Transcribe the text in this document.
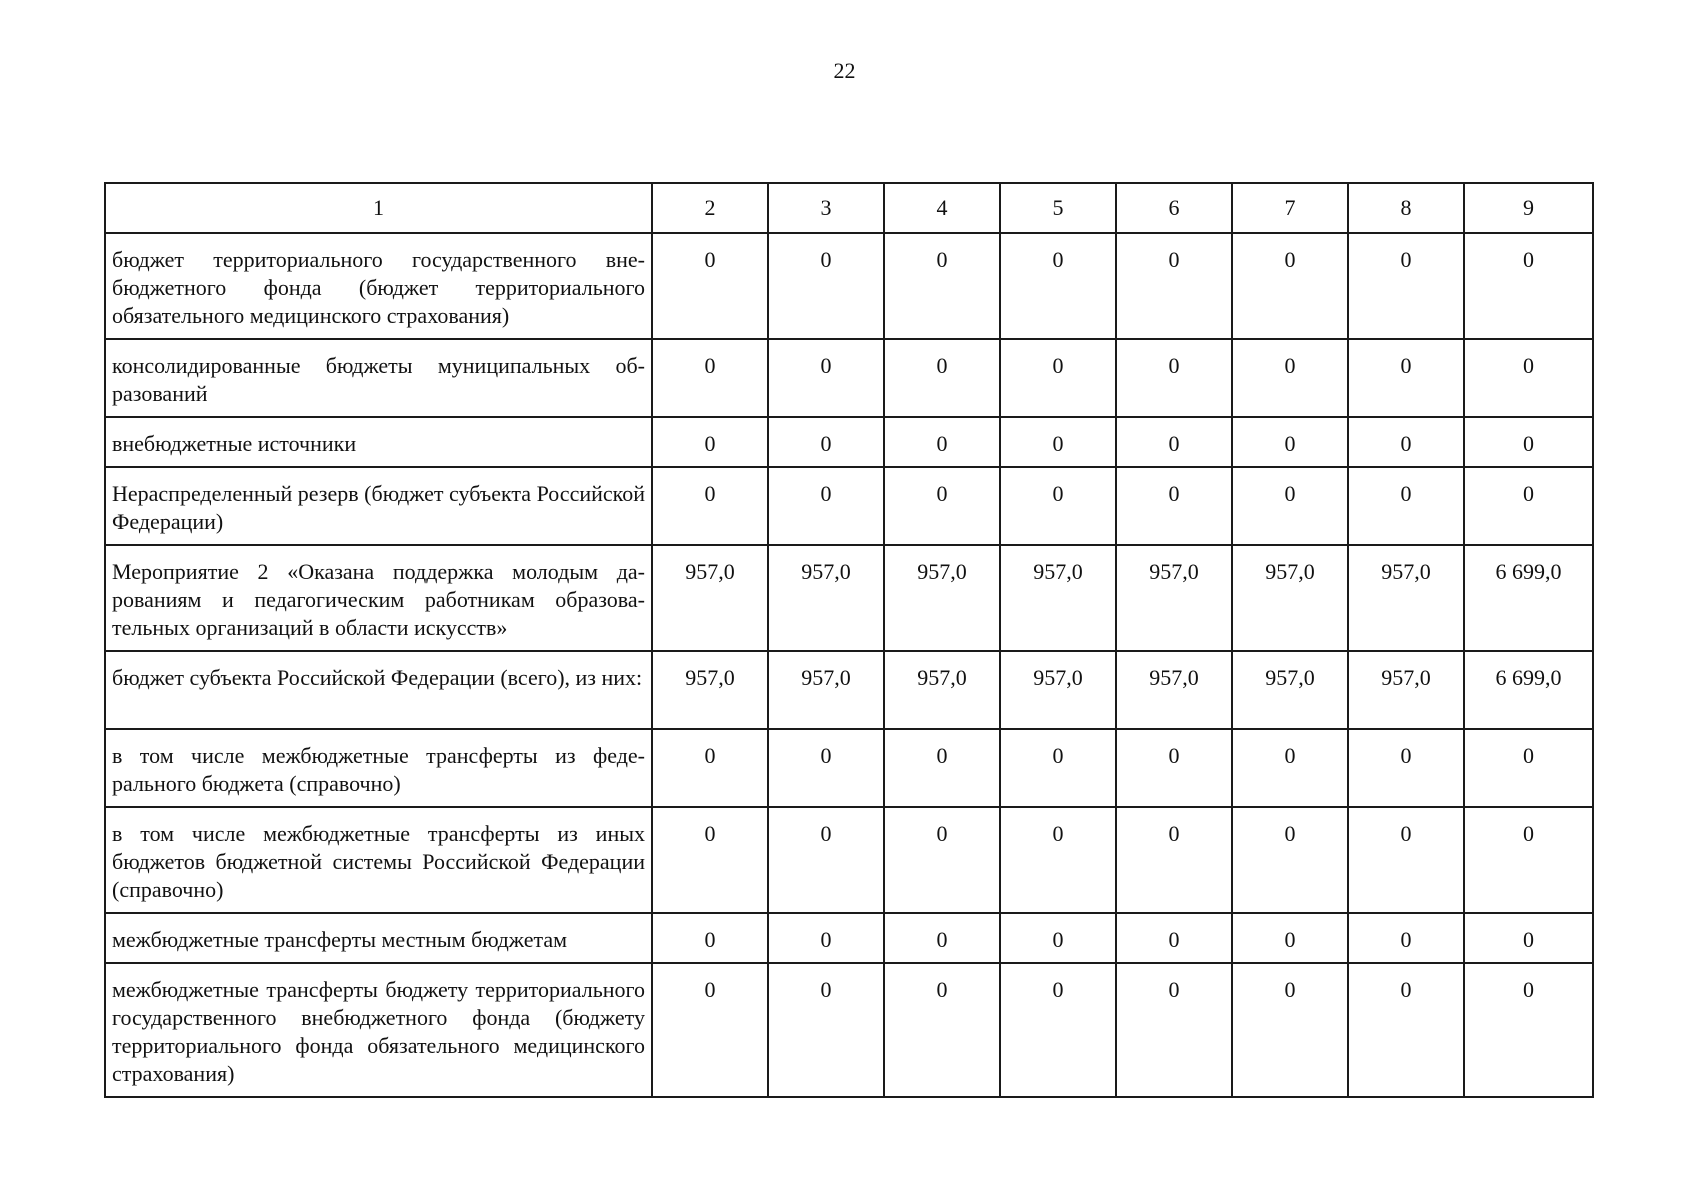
22
1	2	3	4	5	6	7	8	9
бюджет территориального государственного внебюджетного фонда (бюджет территориального обязательного медицинского страхования)	0	0	0	0	0	0	0	0
консолидированные бюджеты муниципальных образований	0	0	0	0	0	0	0	0
внебюджетные источники	0	0	0	0	0	0	0	0
Нераспределенный резерв (бюджет субъекта Российской Федерации)	0	0	0	0	0	0	0	0
Мероприятие 2 «Оказана поддержка молодым дарованиям и педагогическим работникам образовательных организаций в области искусств»	957,0	957,0	957,0	957,0	957,0	957,0	957,0	6 699,0
бюджет субъекта Российской Федерации (всего), из них:	957,0	957,0	957,0	957,0	957,0	957,0	957,0	6 699,0
в том числе межбюджетные трансферты из федерального бюджета (справочно)	0	0	0	0	0	0	0	0
в том числе межбюджетные трансферты из иных бюджетов бюджетной системы Российской Федерации (справочно)	0	0	0	0	0	0	0	0
межбюджетные трансферты местным бюджетам	0	0	0	0	0	0	0	0
межбюджетные трансферты бюджету территориального государственного внебюджетного фонда (бюджету территориального фонда обязательного медицинского страхования)	0	0	0	0	0	0	0	0
